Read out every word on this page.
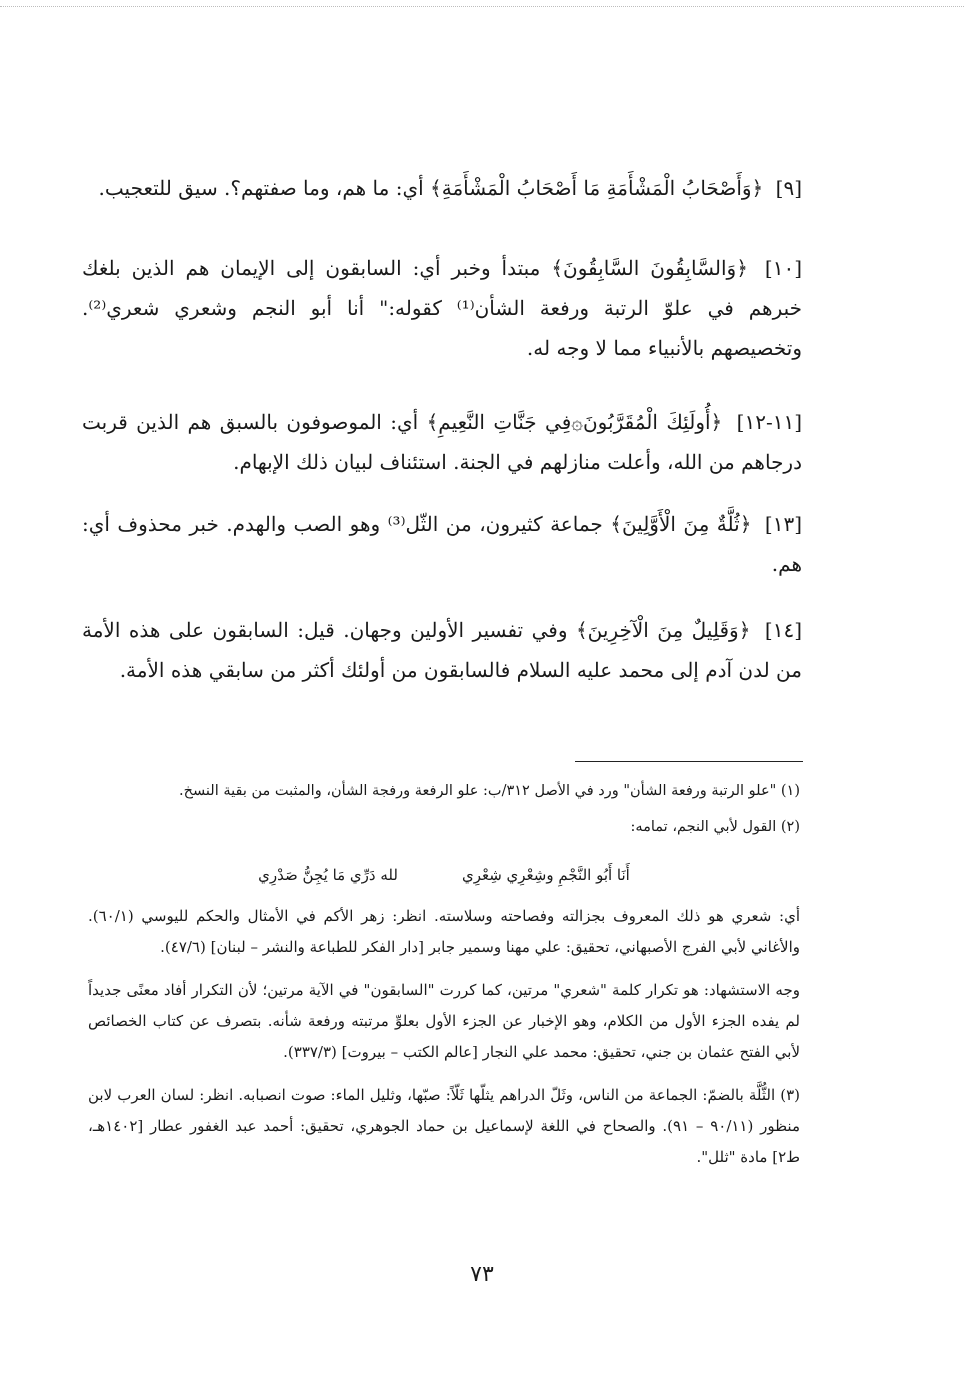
[٩] ﴿وَأَصْحَابُ الْمَشْأَمَةِ مَا أَصْحَابُ الْمَشْأَمَةِ﴾ أي: ما هم، وما صفتهم؟. سيق للتعجيب.

[١٠] ﴿وَالسَّابِقُونَ السَّابِقُونَ﴾ مبتدأ وخبر أي: السابقون إلى الإيمان هم الذين بلغك خبرهم في علوّ الرتبة ورفعة الشأن⁽¹⁾ كقوله:" أنا أبو النجم وشعري شعري⁽²⁾. وتخصيصهم بالأنبياء مما لا وجه له.

[١١-١٢] ﴿أُولَئِكَ الْمُقَرَّبُونَ۞فِي جَنَّاتِ النَّعِيمِ﴾ أي: الموصوفون بالسبق هم الذين قربت درجاهم من الله، وأعلت منازلهم في الجنة. استئناف لبيان ذلك الإبهام.

[١٣] ﴿ثُلَّةٌ مِنَ الْأَوَّلِينَ﴾ جماعة كثيرون، من الثّل⁽³⁾ وهو الصب والهدم. خبر محذوف أي: هم.

[١٤] ﴿وَقَلِيلٌ مِنَ الْآخِرِينَ﴾ وفي تفسير الأولين وجهان. قيل: السابقون على هذه الأمة من لدن آدم إلى محمد عليه السلام فالسابقون من أولئك أكثر من سابقي هذه الأمة.

(١) "علو الرتبة ورفعة الشأن" ورد في الأصل ٣١٢/ب: علو الرفعة ورفجة الشأن، والمثبت من بقية النسخ.

(٢) القول لأبي النجم، تمامه:

أَنَا أَبُو النَّجْمِ وشِعْرِي شِعْرِي
لله دَرِّي مَا يُجِنُّ صَدْرِي

أي: شعري هو ذلك المعروف بجزالته وفصاحته وسلاسته. انظر: زهر الأكم في الأمثال والحكم لليوسي (٦٠/١). والأغاني لأبي الفرج الأصبهاني، تحقيق: علي مهنا وسمير جابر [دار الفكر للطباعة والنشر – لبنان] (٤٧/٦).

وجه الاستشهاد: هو تكرار كلمة "شعري" مرتين، كما كررت "السابقون" في الآية مرتين؛ لأن التكرار أفاد معنًى جديداً لم يفده الجزء الأول من الكلام، وهو الإخبار عن الجزء الأول بعلوِّ مرتبته ورفعة شأنه. بتصرف عن كتاب الخصائص لأبي الفتح عثمان بن جني، تحقيق: محمد علي النجار [عالم الكتب – بيروت] (٣٣٧/٣).

(٣) الثُّلَّة بالضمّ: الجماعة من الناس، وثَلّ الدراهم يثلّها ثَلّاً: صبّها، وثليل الماء: صوت انصبابه. انظر: لسان العرب لابن منظور (٩٠/١١ – ٩١). والصحاح في اللغة لإسماعيل بن حماد الجوهري، تحقيق: أحمد عبد الغفور عطار [١٤٠٢هـ، ط٢] مادة "ثلل".

٧٣
